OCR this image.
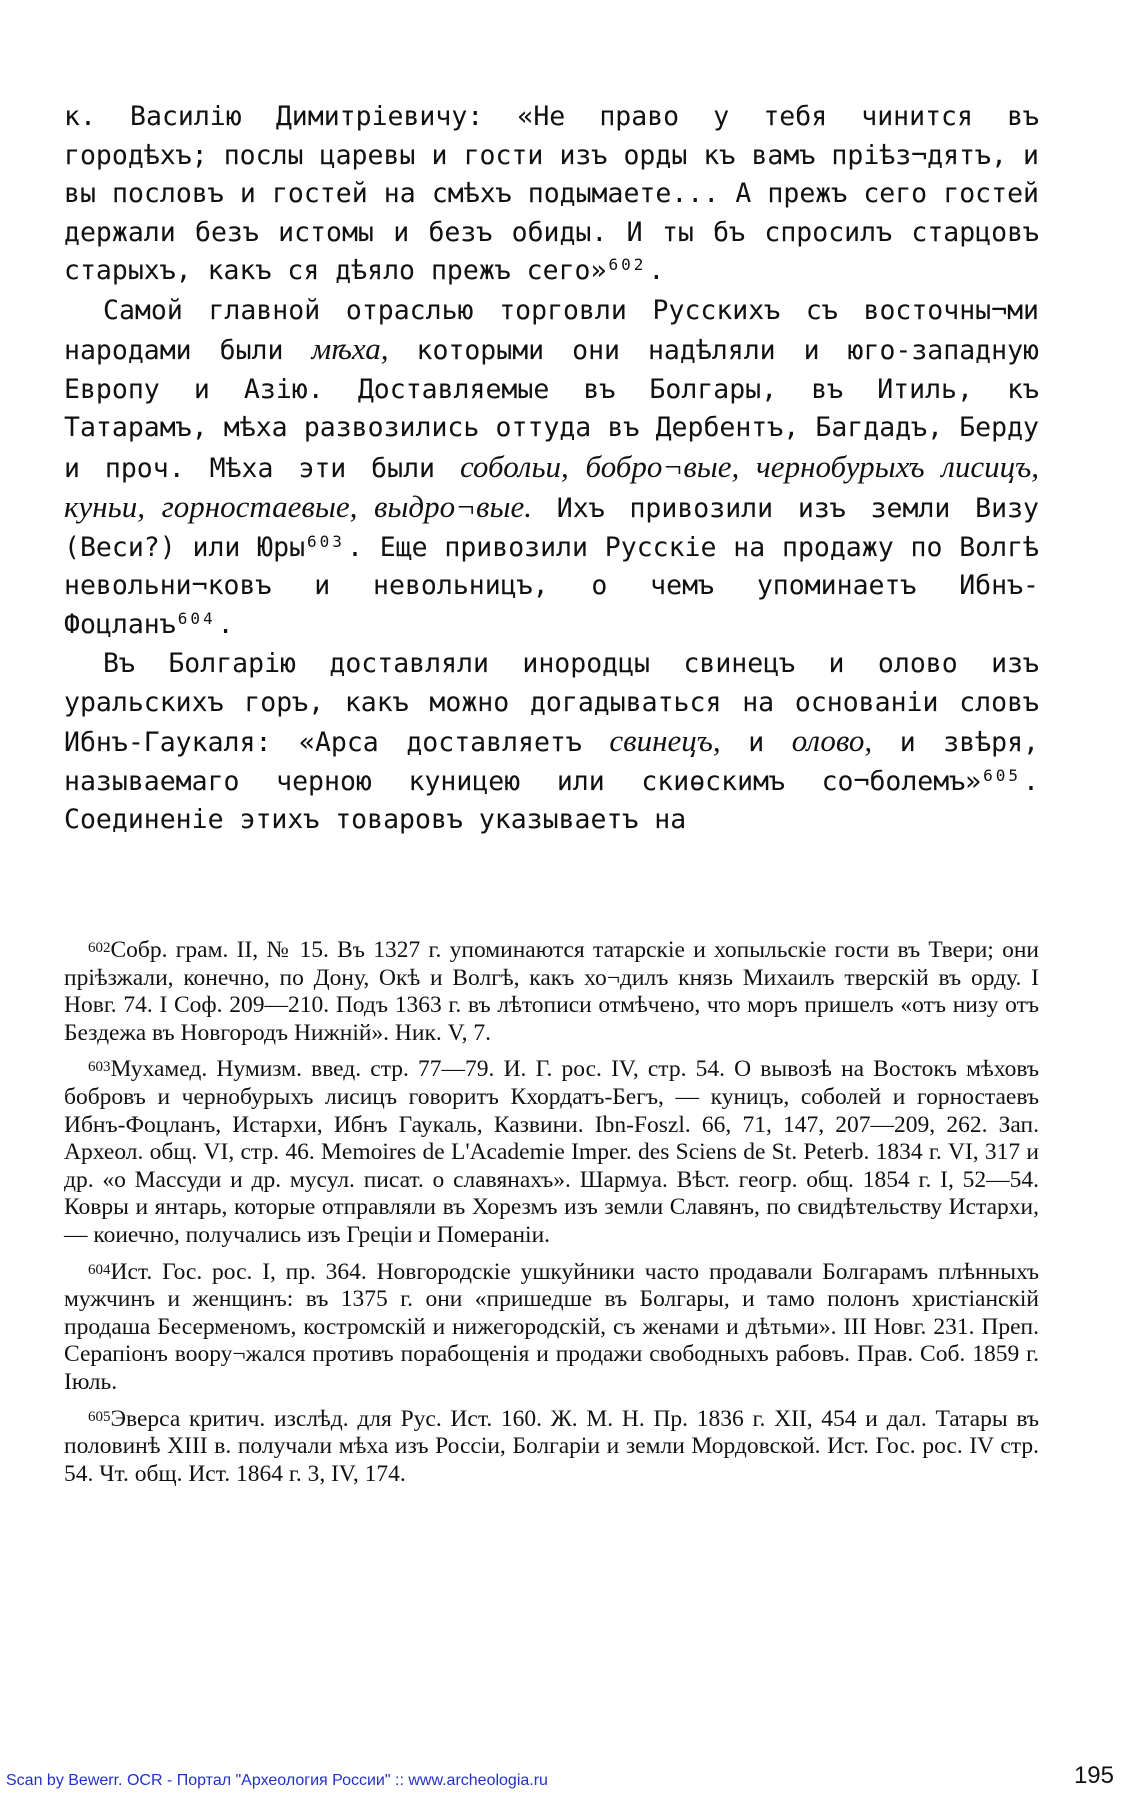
к. Василію Димитріевичу: «Не право у тебя чинится въ городѣхъ; послы царевы и гости изъ орды къ вамъ пріѣз¬дятъ, и вы пословъ и гостей на смѣхъ подымаете... А прежъ сего гостей держали безъ истомы и безъ обиды. И ты бъ спросилъ старцовъ старыхъ, какъ ся дѣяло прежъ сего» $^{602}$.

Самой главной отраслью торговли Русскихъ съ восточны¬ми народами были мѣха, которыми они надѣляли и юго-западную Европу и Азію. Доставляемые въ Болгары, въ Итиль, къ Татарамъ, мѣха развозились оттуда въ Дербентъ, Багдадъ, Берду и проч. Мѣха эти были собольи, бобро¬вые, чернобурыхъ лисицъ, куньи, горностаевые, выдро¬вые. Ихъ привозили изъ земли Визу (Веси?) или Юры $^{603}$. Еще привозили Русскіе на продажу по Волгѣ невольни¬ковъ и невольницъ, о чемъ упоминаетъ Ибнъ-Фоцланъ $^{604}$.

Въ Болгарію доставляли инородцы свинецъ и олово изъ уральскихъ горъ, какъ можно догадываться на основаніи словъ Ибнъ-Гаукаля: «Арса доставляетъ свинецъ, и олово, и звѣря, называемаго черною куницею или скиѳскимъ со¬болемъ» $^{605}$. Соединеніе этихъ товаровъ указываетъ на

$^{602}$Собр. грам. II, № 15. Въ 1327 г. упоминаются татарскіе и хопыльскіе гости въ Твери; они пріѣзжали, конечно, по Дону, Окѣ и Волгѣ, какъ хо¬дилъ князь Михаилъ тверскій въ орду. I Новг. 74. I Соф. 209—210. Подъ 1363 г. въ лѣтописи отмѣчено, что моръ пришелъ «отъ низу отъ Бездежа въ Новгородъ Нижній». Ник. V, 7.

$^{603}$Мухамед. Нумизм. введ. стр. 77—79. И. Г. рос. IV, стр. 54. О вывозѣ на Востокъ мѣховъ бобровъ и чернобурыхъ лисицъ говоритъ Кхордатъ-Бегъ, — куницъ, соболей и горностаевъ Ибнъ-Фоцланъ, Истархи, Ибнъ Гаукаль, Казвини. Ibn-Foszl. 66, 71, 147, 207—209, 262. Зап. Археол. общ. VI, стр. 46. Memoires de L'Academie Imper. des Sciens de St. Peterb. 1834 г. VI, 317 и др. «о Массуди и др. мусул. писат. о славянахъ». Шармуа. Вѣст. геогр. общ. 1854 г. I, 52—54. Ковры и янтарь, которые отправляли въ Хорезмъ изъ земли Славянъ, по свидѣтельству Истархи, — коиечно, получались изъ Греціи и Помераніи.

$^{604}$Ист. Гос. рос. I, пр. 364. Новгородскіе ушкуйники часто продавали Болгарамъ плѣнныхъ мужчинъ и женщинъ: въ 1375 г. они «пришедше въ Болгары, и тамо полонъ христіанскій продаша Бесерменомъ, костромскій и нижегородскій, съ женами и дѣтьми». III Новг. 231. Преп. Серапіонъ воору¬жался противъ порабощенія и продажи свободныхъ рабовъ. Прав. Соб. 1859 г. Іюль.

$^{605}$Эверса критич. изслѣд. для Рус. Ист. 160. Ж. М. Н. Пр. 1836 г. XII, 454 и дал. Татары въ половинѣ XIII в. получали мѣха изъ Россіи, Болгаріи и земли Мордовской. Ист. Гос. рос. IV стр. 54. Чт. общ. Ист. 1864 г. 3, IV, 174.

Scan by Bewerr. OCR - Портал "Археология России" :: www.archeologia.ru	195
